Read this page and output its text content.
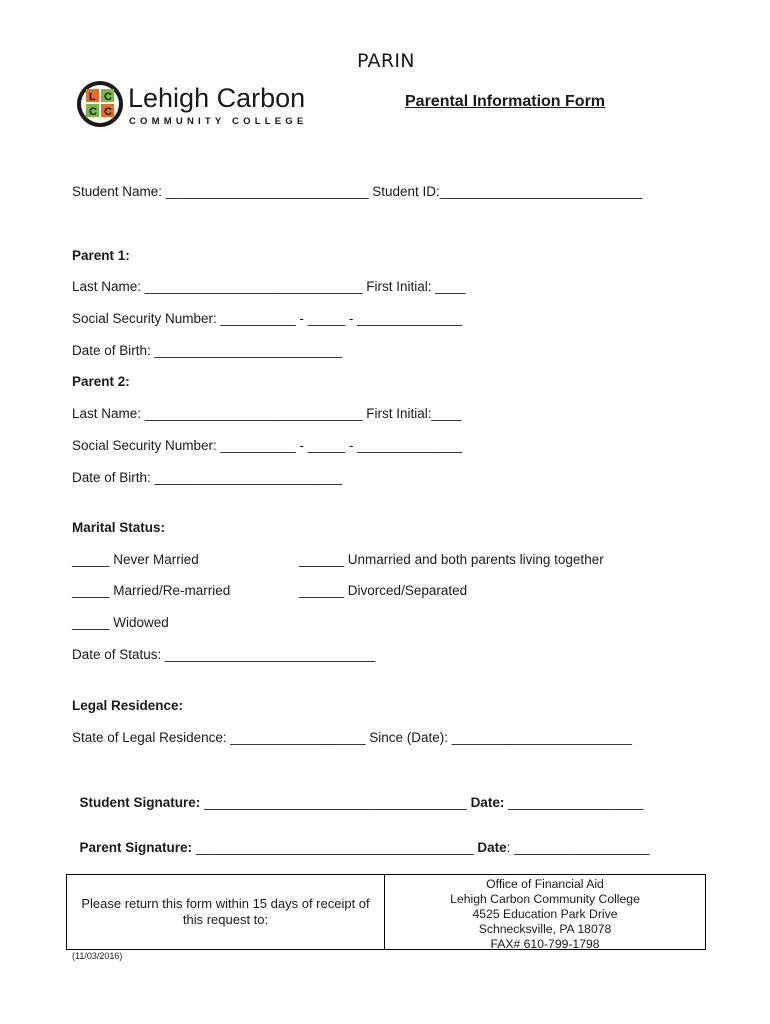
PARIN
L C
C C Lehigh Carbon
COMMUNITY COLLEGE
Parental Information Form
Student Name: ___________________________ Student ID:___________________________
Parent 1:
Last Name: _____________________________ First Initial: ____
Social Security Number: __________ - _____ - ______________
Date of Birth: _________________________
Parent 2:
Last Name: _____________________________ First Initial:____
Social Security Number: __________ - _____ - ______________
Date of Birth: _________________________
Marital Status:
_____ Never Married	______ Unmarried and both parents living together
_____ Married/Re-married	______ Divorced/Separated
_____ Widowed
Date of Status: ____________________________
Legal Residence:
State of Legal Residence: __________________ Since (Date): ________________________

Student Signature: ___________________________________ Date: __________________

Parent Signature: _____________________________________ Date: __________________

Please return this form within 15 days of receipt of this request to:
Office of Financial Aid
Lehigh Carbon Community College
4525 Education Park Drive
Schnecksville, PA 18078
FAX# 610-799-1798
(11/03/2016)
